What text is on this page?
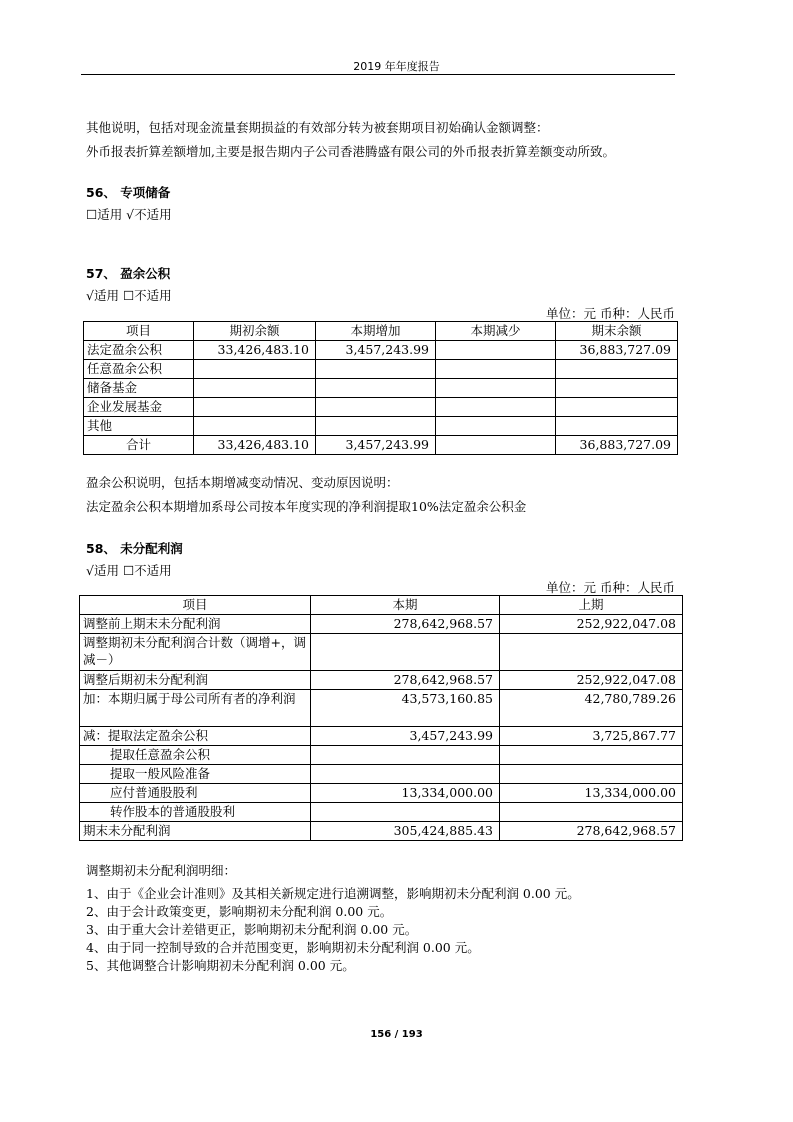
2019 年年度报告
其他说明，包括对现金流量套期损益的有效部分转为被套期项目初始确认金额调整：
外币报表折算差额增加,主要是报告期内子公司香港腾盛有限公司的外币报表折算差额变动所致。
56、 专项储备
☐适用 √不适用
57、 盈余公积
√适用 ☐不适用
单位：元 币种：人民币
项目	期初余额	本期增加	本期减少	期末余额
法定盈余公积	33,426,483.10	3,457,243.99		36,883,727.09
任意盈余公积				
储备基金				
企业发展基金				
其他				
合计	33,426,483.10	3,457,243.99		36,883,727.09
盈余公积说明，包括本期增减变动情况、变动原因说明：
法定盈余公积本期增加系母公司按本年度实现的净利润提取10%法定盈余公积金
58、 未分配利润
√适用 ☐不适用
单位：元 币种：人民币
项目	本期	上期
调整前上期末未分配利润	278,642,968.57	252,922,047.08
调整期初未分配利润合计数（调增+，调减－）		
调整后期初未分配利润	278,642,968.57	252,922,047.08
加：本期归属于母公司所有者的净利润	43,573,160.85	42,780,789.26
减：提取法定盈余公积	3,457,243.99	3,725,867.77
提取任意盈余公积		
提取一般风险准备		
应付普通股股利	13,334,000.00	13,334,000.00
转作股本的普通股股利		
期末未分配利润	305,424,885.43	278,642,968.57
调整期初未分配利润明细：
1、由于《企业会计准则》及其相关新规定进行追溯调整，影响期初未分配利润 0.00 元。
2、由于会计政策变更，影响期初未分配利润 0.00 元。
3、由于重大会计差错更正，影响期初未分配利润 0.00 元。
4、由于同一控制导致的合并范围变更，影响期初未分配利润 0.00 元。
5、其他调整合计影响期初未分配利润 0.00 元。
156 / 193
